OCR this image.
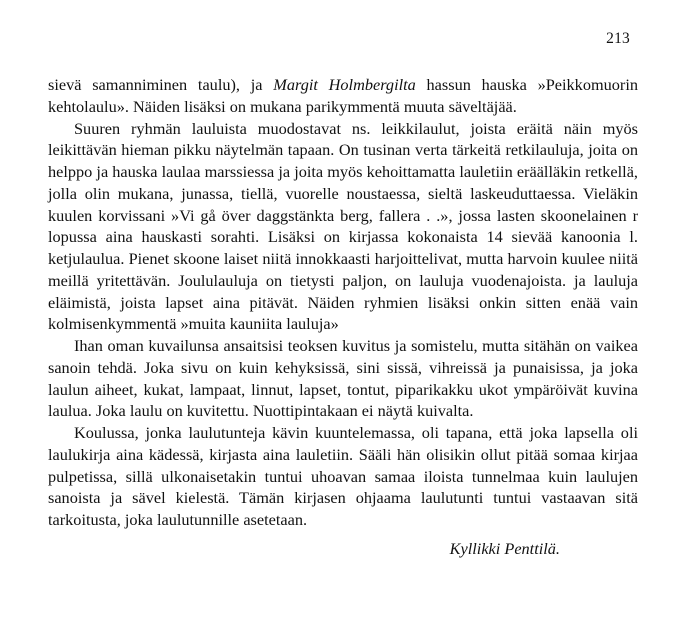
213

sievä samanniminen taulu), ja Margit Holmbergilta hassun hauska »Peikkomuorin kehtolaulu». Näiden lisäksi on mukana parikymmentä muuta säveltäjää.

Suuren ryhmän lauluista muodostavat ns. leikkilaulut, joista eräitä näin myös leikittävän hieman pikku näytelmän tapaan. On tusinan verta tärkeitä retkilauluja, joita on helppo ja hauska laulaa marssiessa ja joita myös kehoittamatta lauletiin eräälläkin retkellä, jolla olin mukana, junassa, tiellä, vuorelle noustaessa, sieltä laskeuduttaessa. Vieläkin kuulen korvissani »Vi gå över daggstänkta berg, fallera . .», jossa lasten skoonelainen r lopussa aina hauskasti sorahti. Lisäksi on kirjassa kokonaista 14 sievää kanoonia l. ketjulaulua. Pienet skoone laiset niitä innokkaasti harjoittelivat, mutta harvoin kuulee niitä meillä yritettävän. Joululauluja on tietysti paljon, on lauluja vuodenajoista. ja lauluja eläimistä, joista lapset aina pitävät. Näiden ryhmien lisäksi onkin sitten enää vain kolmisenkymmentä »muita kauniita lauluja»

Ihan oman kuvailunsa ansaitsisi teoksen kuvitus ja somistelu, mutta sitähän on vaikea sanoin tehdä. Joka sivu on kuin kehyksissä, sini sissä, vihreissä ja punaisissa, ja joka laulun aiheet, kukat, lampaat, linnut, lapset, tontut, piparikakku ukot ympäröivät kuvina laulua. Joka laulu on kuvitettu. Nuottipintakaan ei näytä kuivalta.

Koulussa, jonka laulutunteja kävin kuuntelemassa, oli tapana, että joka lapsella oli laulukirja aina kädessä, kirjasta aina lauletiin. Sääli hän olisikin ollut pitää somaa kirjaa pulpetissa, sillä ulkonaisetakin tuntui uhoavan samaa iloista tunnelmaa kuin laulujen sanoista ja sävel kielestä. Tämän kirjasen ohjaama laulutunti tuntui vastaavan sitä tarkoitusta, joka laulutunnille asetetaan.

Kyllikki Penttilä.
